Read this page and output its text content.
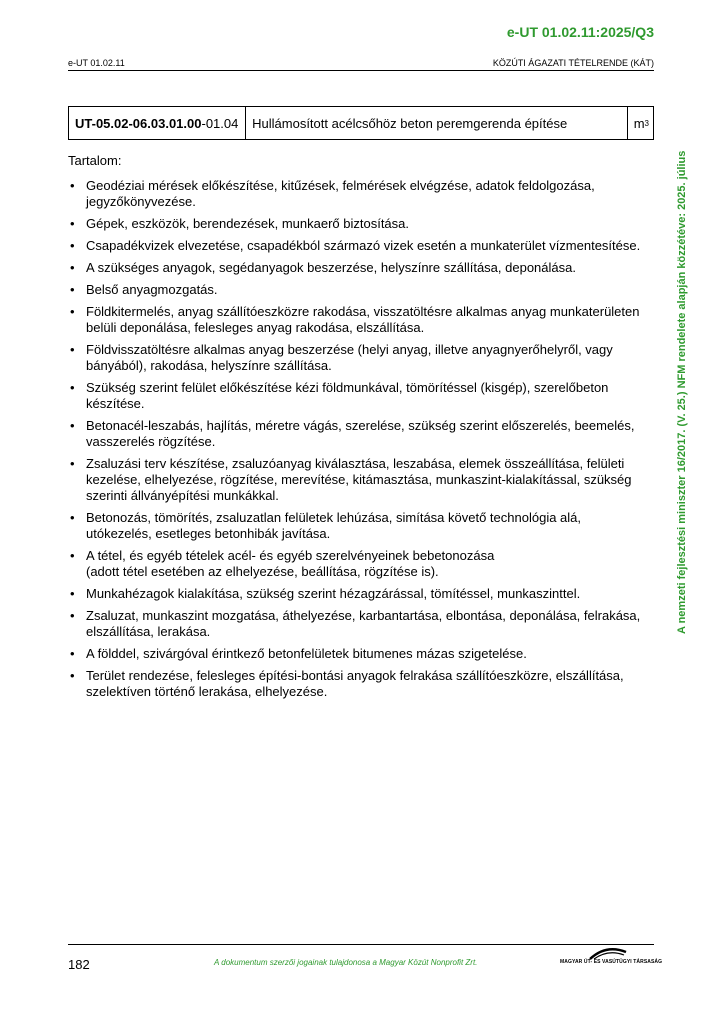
e-UT 01.02.11:2025/Q3
e-UT 01.02.11	KÖZÚTI ÁGAZATI TÉTELRENDE (KÁT)
UT-05.02-06.03.01.00 -01.04	Hullámosított acélcsőhöz beton peremgerenda építése	m 3
Tartalom:
• Geodéziai mérések előkészítése, kitűzések, felmérések elvégzése, adatok feldolgozása, jegyzőkönyvezése.
• Gépek, eszközök, berendezések, munkaerő biztosítása.
• Csapadékvizek elvezetése, csapadékból származó vizek esetén a munkaterület vízmentesítése.
• A szükséges anyagok, segédanyagok beszerzése, helyszínre szállítása, deponálása.
• Belső anyagmozgatás.
• Földkitermelés, anyag szállítóeszközre rakodása, visszatöltésre alkalmas anyag munkaterületen belüli deponálása, felesleges anyag rakodása, elszállítása.
• Földvisszatöltésre alkalmas anyag beszerzése (helyi anyag, illetve anyagnyerőhelyről, vagy bányából), rakodása, helyszínre szállítása.
• Szükség szerint felület előkészítése kézi földmunkával, tömörítéssel (kisgép), szerelőbeton készítése.
• Betonacél-leszabás, hajlítás, méretre vágás, szerelése, szükség szerint előszerelés, beemelés, vasszerelés rögzítése.
• Zsaluzási terv készítése, zsaluzóanyag kiválasztása, leszabása, elemek összeállítása, felületi kezelése, elhelyezése, rögzítése, merevítése, kitámasztása, munkaszint-kialakítással, szükség szerinti állványépítési munkákkal.
• Betonozás, tömörítés, zsaluzatlan felületek lehúzása, simítása követő technológia alá, utókezelés, esetleges betonhibák javítása.
• A tétel, és egyéb tételek acél- és egyéb szerelvényeinek bebetonozása
(adott tétel esetében az elhelyezése, beállítása, rögzítése is).
• Munkahézagok kialakítása, szükség szerint hézagzárással, tömítéssel, munkaszinttel.
• Zsaluzat, munkaszint mozgatása, áthelyezése, karbantartása, elbontása, deponálása, felrakása, elszállítása, lerakása.
• A földdel, szivárgóval érintkező betonfelületek bitumenes mázas szigetelése.
• Terület rendezése, felesleges építési-bontási anyagok felrakása szállítóeszközre, elszállítása, szelektíven történő lerakása, elhelyezése.
A nemzeti fejlesztési miniszter 16/2017. (V. 25.) NFM rendelete alapján közzétéve: 2025. július
182	A dokumentum szerzői jogainak tulajdonosa a Magyar Közút Nonprofit Zrt.	MAGYAR ÚT- ÉS VASÚTÜGYI TÁRSASÁG
